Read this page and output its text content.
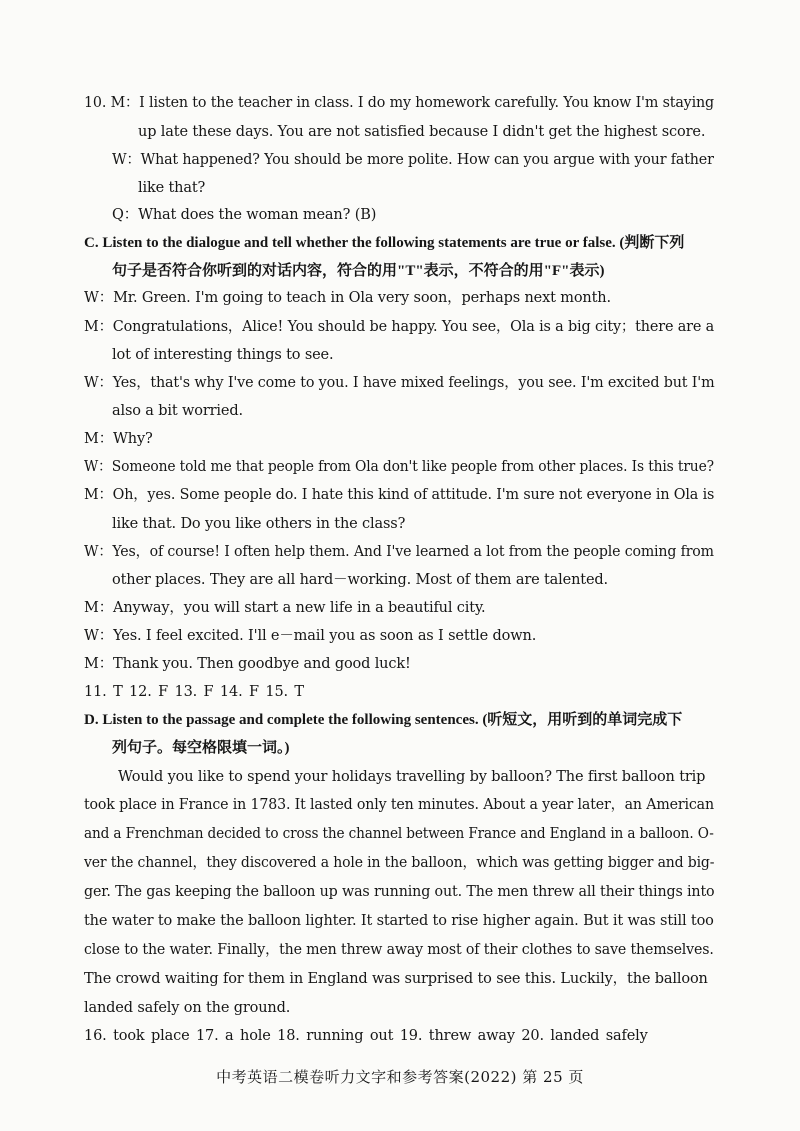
10. M：I listen to the teacher in class. I do my homework carefully. You know I'm staying
up late these days. You are not satisfied because I didn't get the highest score.
W：What happened? You should be more polite. How can you argue with your father
like that?
Q：What does the woman mean? (B)
C. Listen to the dialogue and tell whether the following statements are true or false. (判断下列
句子是否符合你听到的对话内容，符合的用"T"表示，不符合的用"F"表示)
W：Mr. Green. I'm going to teach in Ola very soon，perhaps next month.
M：Congratulations，Alice! You should be happy. You see，Ola is a big city；there are a
lot of interesting things to see.
W：Yes，that's why I've come to you. I have mixed feelings，you see. I'm excited but I'm
also a bit worried.
M：Why?
W：Someone told me that people from Ola don't like people from other places. Is this true?
M：Oh，yes. Some people do. I hate this kind of attitude. I'm sure not everyone in Ola is
like that. Do you like others in the class?
W：Yes，of course! I often help them. And I've learned a lot from the people coming from
other places. They are all hard－working. Most of them are talented.
M：Anyway，you will start a new life in a beautiful city.
W：Yes. I feel excited. I'll e－mail you as soon as I settle down.
M：Thank you. Then goodbye and good luck!
11. T 12. F 13. F 14. F 15. T
D. Listen to the passage and complete the following sentences. (听短文，用听到的单词完成下
列句子。每空格限填一词。)
Would you like to spend your holidays travelling by balloon? The first balloon trip
took place in France in 1783. It lasted only ten minutes. About a year later，an American
and a Frenchman decided to cross the channel between France and England in a balloon. O-
ver the channel，they discovered a hole in the balloon，which was getting bigger and big-
ger. The gas keeping the balloon up was running out. The men threw all their things into
the water to make the balloon lighter. It started to rise higher again. But it was still too
close to the water. Finally，the men threw away most of their clothes to save themselves.
The crowd waiting for them in England was surprised to see this. Luckily，the balloon
landed safely on the ground.
16. took place 17. a hole 18. running out 19. threw away 20. landed safely
中考英语二模卷听力文字和参考答案(2022) 第 25 页
